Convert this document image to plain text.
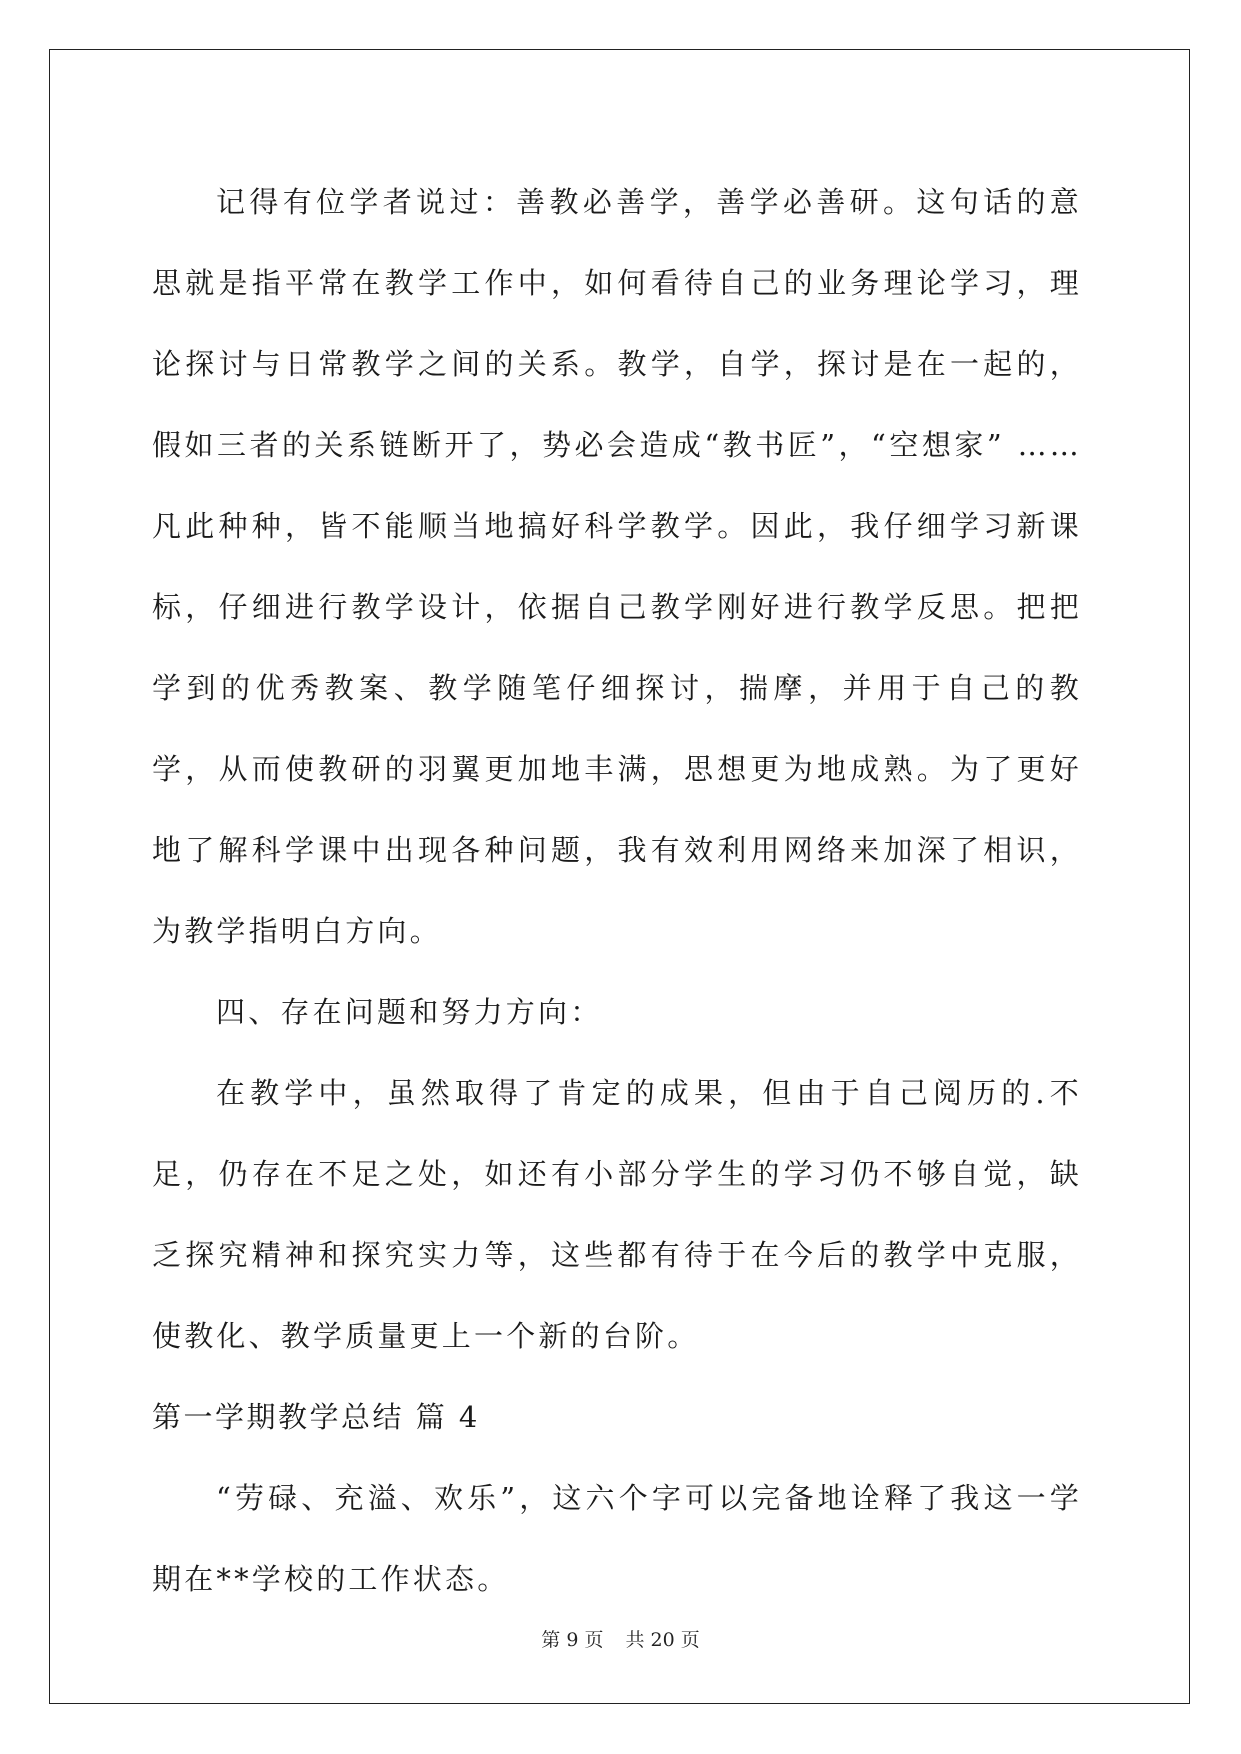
记得有位学者说过：善教必善学，善学必善研。这句话的意思就是指平常在教学工作中，如何看待自己的业务理论学习，理论探讨与日常教学之间的关系。教学，自学，探讨是在一起的，假如三者的关系链断开了，势必会造成“教书匠”，“空想家” ……凡此种种，皆不能顺当地搞好科学教学。因此，我仔细学习新课标，仔细进行教学设计，依据自己教学刚好进行教学反思。把把学到的优秀教案、教学随笔仔细探讨，揣摩，并用于自己的教学，从而使教研的羽翼更加地丰满，思想更为地成熟。为了更好地了解科学课中出现各种问题，我有效利用网络来加深了相识，为教学指明白方向。

四、存在问题和努力方向：

在教学中，虽然取得了肯定的成果，但由于自己阅历的.不足，仍存在不足之处，如还有小部分学生的学习仍不够自觉，缺乏探究精神和探究实力等，这些都有待于在今后的教学中克服，使教化、教学质量更上一个新的台阶。

第一学期教学总结 篇 4

“劳碌、充溢、欢乐”，这六个字可以完备地诠释了我这一学期在**学校的工作状态。

第 9 页 共 20 页
